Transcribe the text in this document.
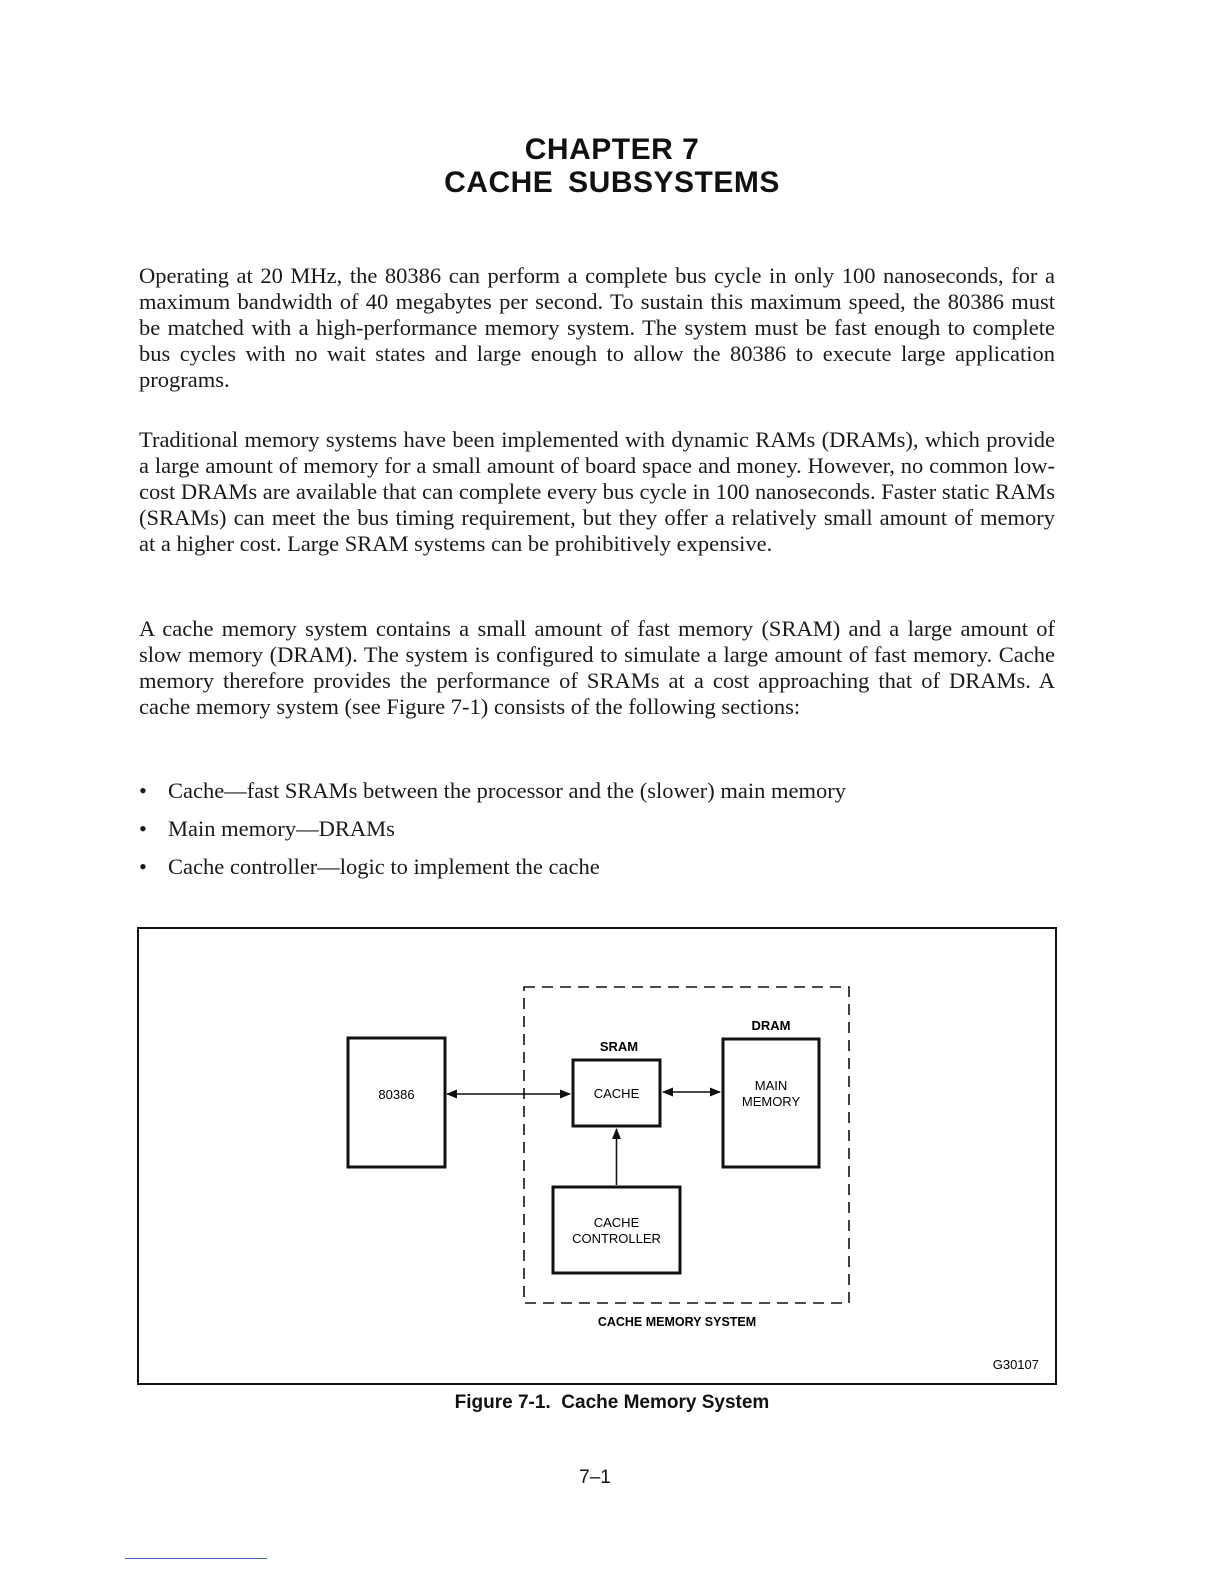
CHAPTER 7
CACHE SUBSYSTEMS

Operating at 20 MHz, the 80386 can perform a complete bus cycle in only 100 nanoseconds, for a maximum bandwidth of 40 megabytes per second. To sustain this maximum speed, the 80386 must be matched with a high-performance memory system. The system must be fast enough to complete bus cycles with no wait states and large enough to allow the 80386 to execute large application programs.

Traditional memory systems have been implemented with dynamic RAMs (DRAMs), which provide a large amount of memory for a small amount of board space and money. However, no common low-cost DRAMs are available that can complete every bus cycle in 100 nanoseconds. Faster static RAMs (SRAMs) can meet the bus timing requirement, but they offer a relatively small amount of memory at a higher cost. Large SRAM systems can be prohibitively expensive.

A cache memory system contains a small amount of fast memory (SRAM) and a large amount of slow memory (DRAM). The system is configured to simulate a large amount of fast memory. Cache memory therefore provides the performance of SRAMs at a cost approaching that of DRAMs. A cache memory system (see Figure 7-1) consists of the following sections:

• Cache—fast SRAMs between the processor and the (slower) main memory
• Main memory—DRAMs
• Cache controller—logic to implement the cache
80386
SRAM
CACHE
DRAM
MAIN
MEMORY
CACHE
CONTROLLER
CACHE MEMORY SYSTEM
G30107
Figure 7-1.  Cache Memory System
7–1
